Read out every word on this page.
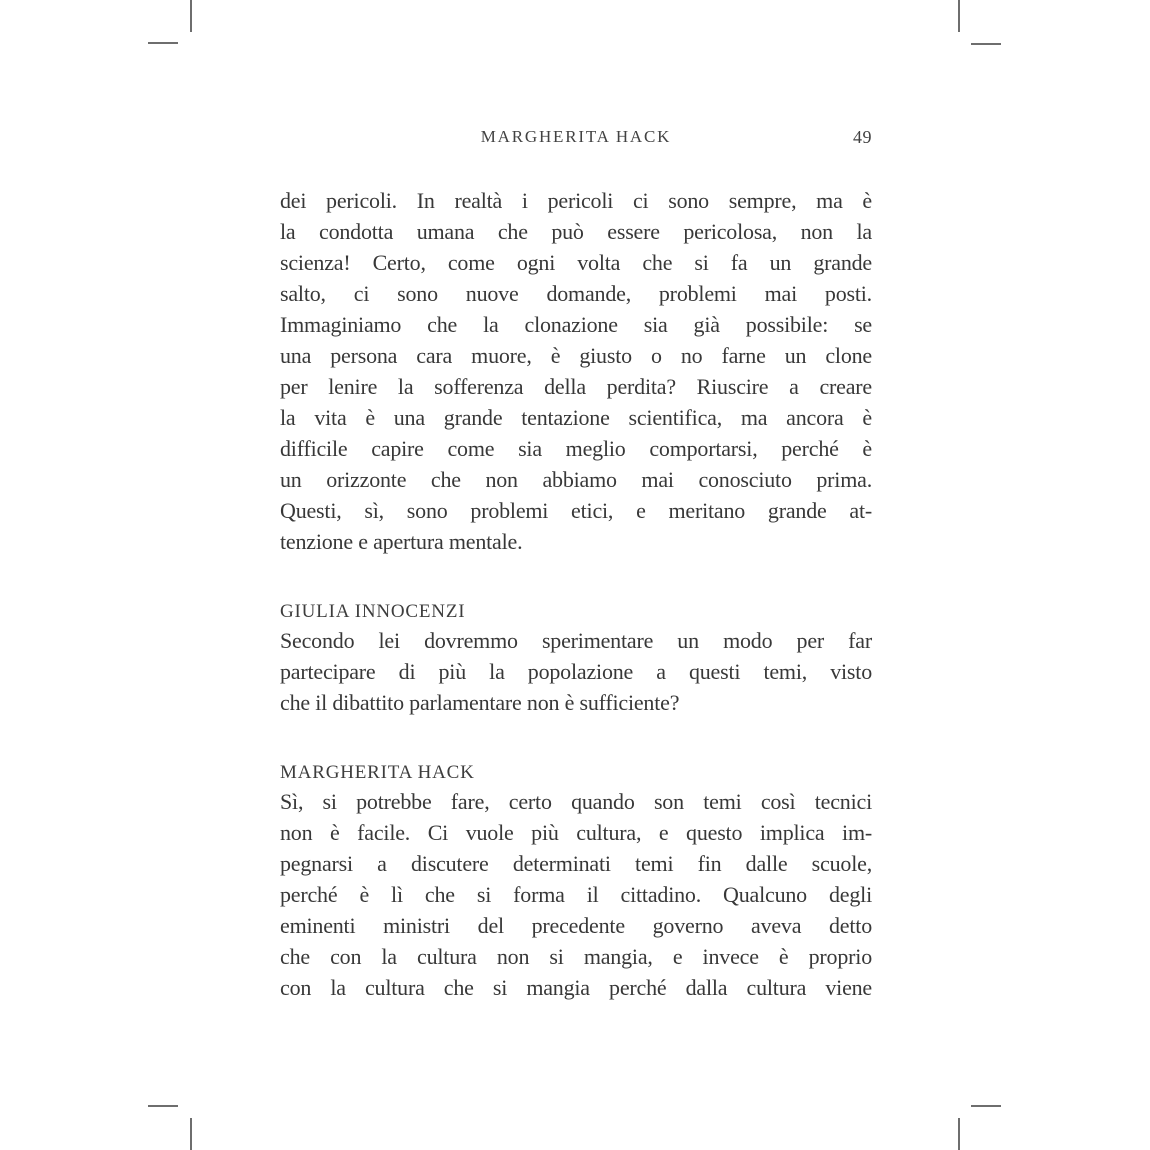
MARGHERITA HACK	49
dei pericoli. In realtà i pericoli ci sono sempre, ma è
la condotta umana che può essere pericolosa, non la
scienza! Certo, come ogni volta che si fa un grande
salto, ci sono nuove domande, problemi mai posti.
Immaginiamo che la clonazione sia già possibile: se
una persona cara muore, è giusto o no farne un clone
per lenire la sofferenza della perdita? Riuscire a creare
la vita è una grande tentazione scientifica, ma ancora è
difficile capire come sia meglio comportarsi, perché è
un orizzonte che non abbiamo mai conosciuto prima.
Questi, sì, sono problemi etici, e meritano grande at-
tenzione e apertura mentale.
GIULIA INNOCENZI
Secondo lei dovremmo sperimentare un modo per far
partecipare di più la popolazione a questi temi, visto
che il dibattito parlamentare non è sufficiente?
MARGHERITA HACK
Sì, si potrebbe fare, certo quando son temi così tecnici
non è facile. Ci vuole più cultura, e questo implica im-
pegnarsi a discutere determinati temi fin dalle scuole,
perché è lì che si forma il cittadino. Qualcuno degli
eminenti ministri del precedente governo aveva detto
che con la cultura non si mangia, e invece è proprio
con la cultura che si mangia perché dalla cultura viene
